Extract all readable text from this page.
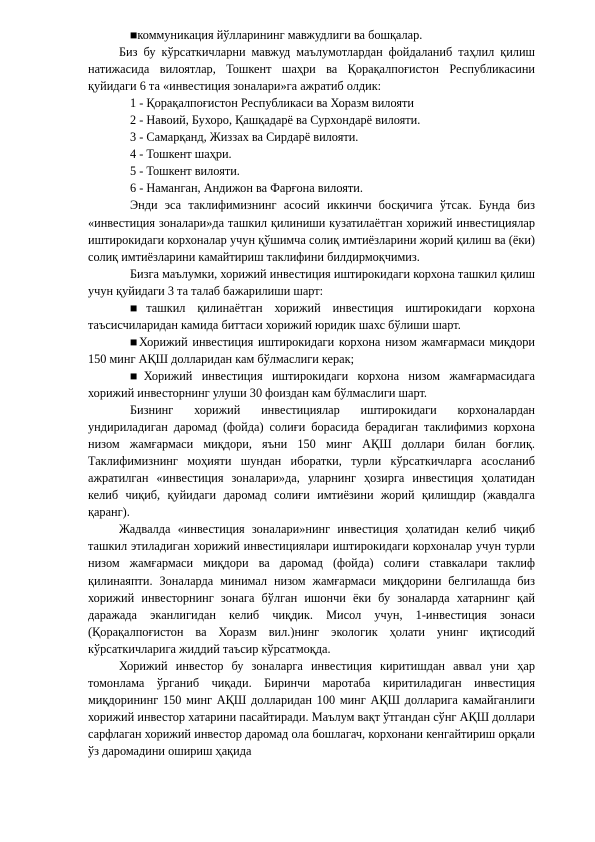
■коммуникация йўлларининг мавжудлиги ва бошқалар.

Биз бу кўрсаткичларни мавжуд маълумотлардан фойдаланиб таҳлил қилиш натижасида вилоятлар, Тошкент шаҳри ва Қорақалпоғистон Республикасини қуйидаги 6 та «инвестиция зоналари»га ажратиб олдик:

1 - Қорақалпоғистон Республикаси ва Хоразм вилояти

2 - Навоий, Бухоро, Қашқадарё ва Сурхондарё вилояти.

3 - Самарқанд, Жиззах ва Сирдарё вилояти.

4 - Тошкент шаҳри.

5 - Тошкент вилояти.

6 - Наманган, Андижон ва Фарғона вилояти.

Энди эса таклифимизнинг асосий иккинчи босқичига ўтсак. Бунда биз «инвестиция зоналари»да ташкил қилиниши кузатилаётган хорижий инвестициялар иштирокидаги корхоналар учун қўшимча солиқ имтиёзларини жорий қилиш ва (ёки) солиқ имтиёзларини камайтириш таклифини билдирмоқчимиз.

Бизга маълумки, хорижий инвестиция иштирокидаги корхона ташкил қилиш учун қуйидаги 3 та талаб бажарилиши шарт:

■ташкил қилинаётган хорижий инвестиция иштирокидаги корхона таъсисчиларидан камида биттаси хорижий юридик шахс бўлиши шарт.

■Хорижий инвестиция иштирокидаги корхона низом жамғармаси миқдори 150 минг АҚШ долларидан кам бўлмаслиги керак;

■Хорижий инвестиция иштирокидаги корхона низом жамғармасидага хорижий инвесторнинг улуши 30 фоиздан кам бўлмаслиги шарт.

Бизнинг хорижий инвестициялар иштирокидаги корхоналардан ундириладиган даромад (фойда) солиғи борасида берадиган таклифимиз корхона низом жамғармаси миқдори, яъни 150 минг АҚШ доллари билан боғлиқ. Таклифимизнинг моҳияти шундан иборатки, турли кўрсаткичларга асосланиб ажратилган «инвестиция зоналари»да, уларнинг ҳозирга инвестиция ҳолатидан келиб чиқиб, қуйидаги даромад солиғи имтиёзини жорий қилишдир (жавдалга қаранг).

Жадвалда «инвестиция зоналари»нинг инвестиция ҳолатидан келиб чиқиб ташкил этиладиган хорижий инвестициялари иштирокидаги корхоналар учун турли низом жамғармаси миқдори ва даромад (фойда) солиғи ставкалари таклиф қилинаяпти. Зоналарда минимал низом жамғармаси миқдорини белгилашда биз хорижий инвесторнинг зонага бўлган ишончи ёки бу зоналарда хатарнинг қай даражада эканлигидан келиб чиқдик. Мисол учун, 1-инвестиция зонаси (Қорақалпоғистон ва Хоразм вил.)нинг экологик ҳолати унинг иқтисодий кўрсаткичларига жиддий таъсир кўрсатмоқда.

Хорижий инвестор бу зоналарга инвестиция киритишдан аввал уни ҳар томонлама ўрганиб чиқади. Биринчи маротаба киритиладиган инвестиция миқдорининг 150 минг АҚШ долларидан 100 минг АҚШ долларига камайганлиги хорижий инвестор хатарини пасайтиради. Маълум вақт ўтгандан сўнг АҚШ доллари сарфлаган хорижий инвестор даромад ола бошлагач, корхонани кенгайтириш орқали ўз даромадини ошириш ҳақида
